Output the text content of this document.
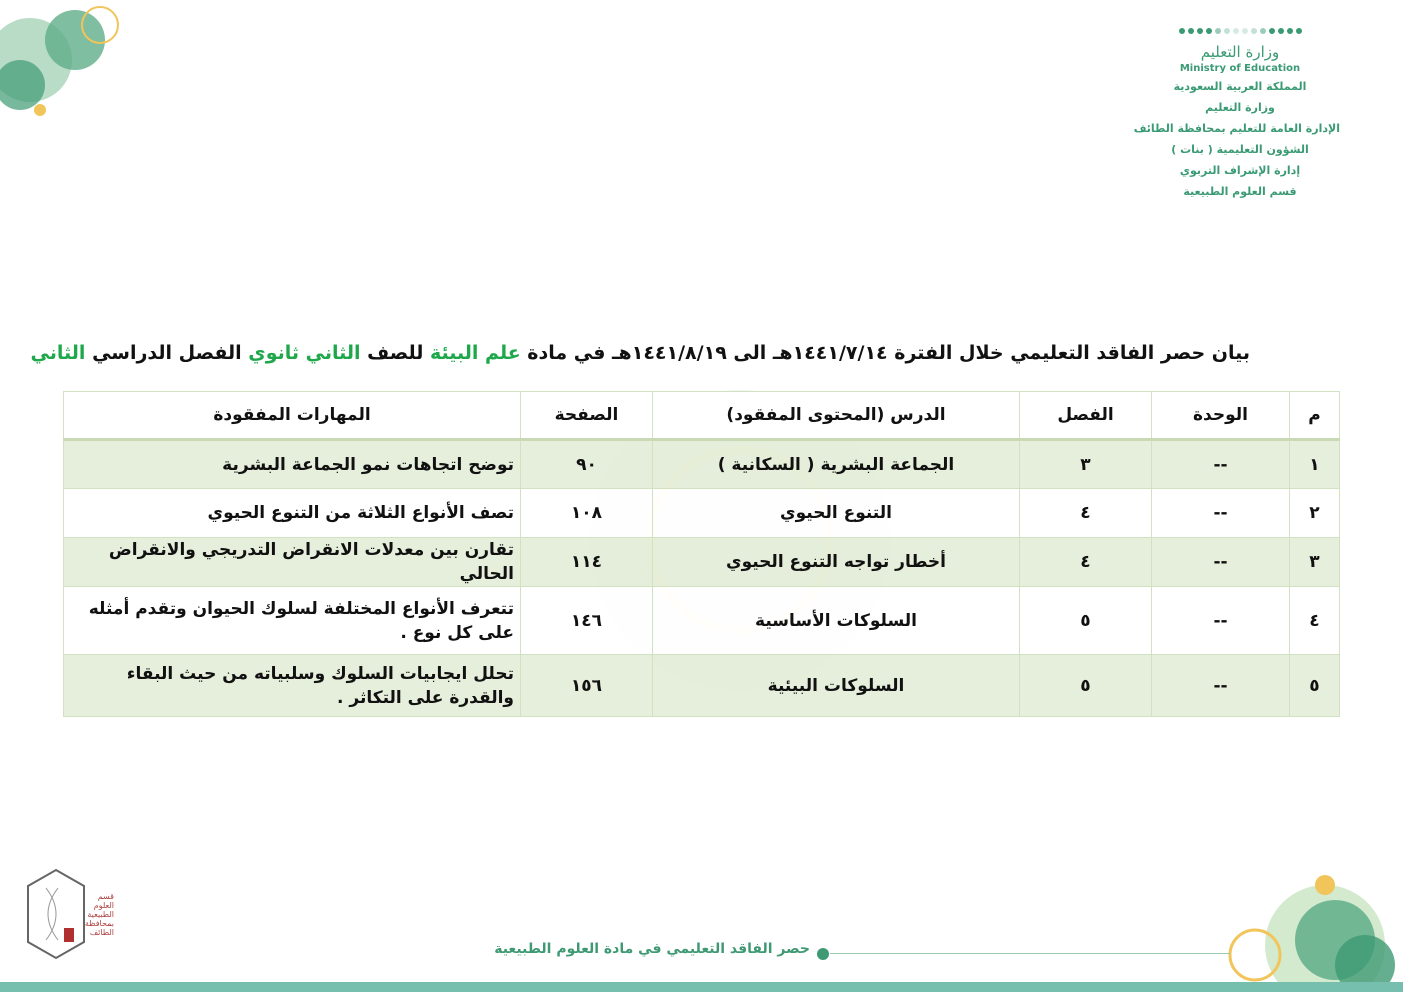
وزارة التعليم
Ministry of Education
المملكة العربية السعودية
وزارة التعليم
الإدارة العامة للتعليم بمحافظة الطائف
الشؤون التعليمية ( بنات )
إدارة الإشراف التربوي
قسم العلوم الطبيعية
بيان حصر الفاقد التعليمي خلال الفترة ١٤٤١/٧/١٤هـ الى ١٤٤١/٨/١٩هـ في مادة علم البيئة للصف الثاني ثانوي الفصل الدراسي الثاني
م	الوحدة	الفصل	الدرس (المحتوى المفقود)	الصفحة	المهارات المفقودة
١	--	٣	الجماعة البشرية ( السكانية )	٩٠	توضح اتجاهات نمو الجماعة البشرية
٢	--	٤	التنوع الحيوي	١٠٨	تصف الأنواع الثلاثة من التنوع الحيوي
٣	--	٤	أخطار تواجه التنوع الحيوي	١١٤	تقارن بين معدلات الانقراض التدريجي والانقراض الحالي
٤	--	٥	السلوكات الأساسية	١٤٦	تتعرف الأنواع المختلفة لسلوك الحيوان وتقدم أمثله على كل نوع .
٥	--	٥	السلوكات البيئية	١٥٦	تحلل ايجابيات السلوك وسلبياته من حيث البقاء والقدرة على التكاثر .
قسم العلوم الطبيعية بمحافظة الطائف
حصر الفاقد التعليمي في مادة العلوم الطبيعية
